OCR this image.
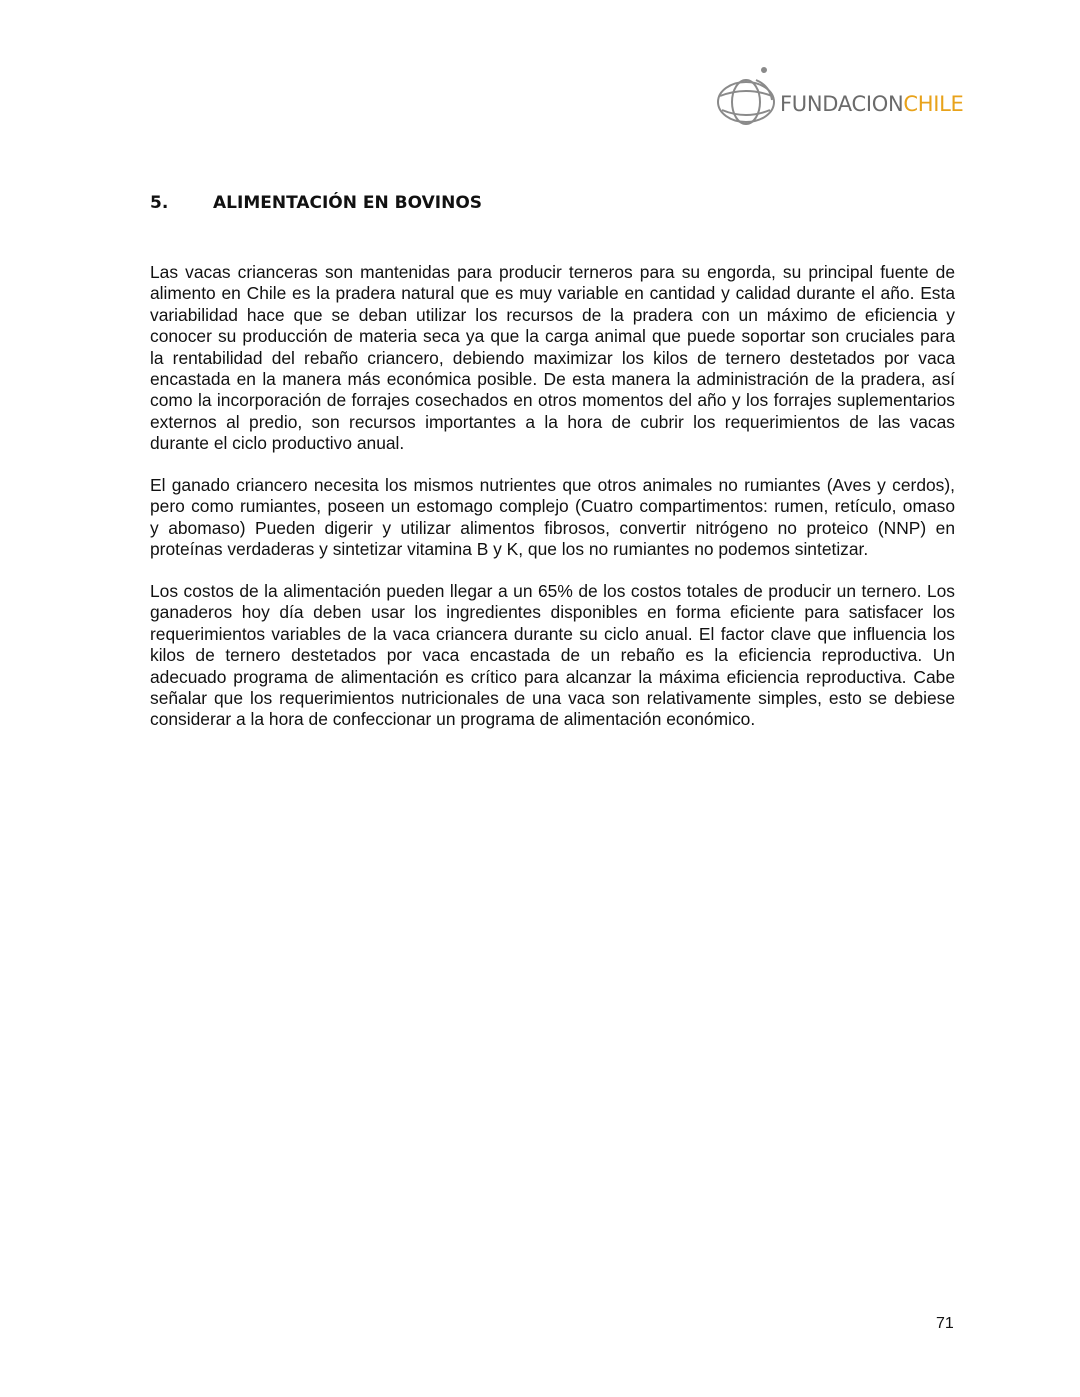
FUNDACIONCHILE
5.	ALIMENTACIÓN EN BOVINOS
Las vacas crianceras son mantenidas para producir terneros para su engorda, su principal fuente de
alimento en Chile es la pradera natural que es muy variable en cantidad y calidad durante el año. Esta
variabilidad hace que se deban utilizar los recursos de la pradera con un máximo de eficiencia y
conocer su producción de materia seca ya que la carga animal que puede soportar son cruciales para
la rentabilidad del rebaño criancero, debiendo maximizar los kilos de ternero destetados por vaca
encastada en la manera más económica posible. De esta manera la administración de la pradera, así
como la incorporación de forrajes cosechados en otros momentos del año y los forrajes suplementarios
externos al predio, son recursos importantes a la hora de cubrir los requerimientos de las vacas
durante el ciclo productivo anual.
El ganado criancero necesita los mismos nutrientes que otros animales no rumiantes (Aves y cerdos),
pero como rumiantes, poseen un estomago complejo (Cuatro compartimentos: rumen, retículo, omaso
y abomaso) Pueden digerir y utilizar alimentos fibrosos, convertir nitrógeno no proteico (NNP) en
proteínas verdaderas y sintetizar vitamina B y K, que los no rumiantes no podemos sintetizar.
Los costos de la alimentación pueden llegar a un 65% de los costos totales de producir un ternero. Los
ganaderos hoy día deben usar los ingredientes disponibles en forma eficiente para satisfacer los
requerimientos variables de la vaca criancera durante su ciclo anual. El factor clave que influencia los
kilos de ternero destetados por vaca encastada de un rebaño es la eficiencia reproductiva. Un
adecuado programa de alimentación es crítico para alcanzar la máxima eficiencia reproductiva. Cabe
señalar que los requerimientos nutricionales de una vaca son relativamente simples, esto se debiese
considerar a la hora de confeccionar un programa de alimentación económico.
71
